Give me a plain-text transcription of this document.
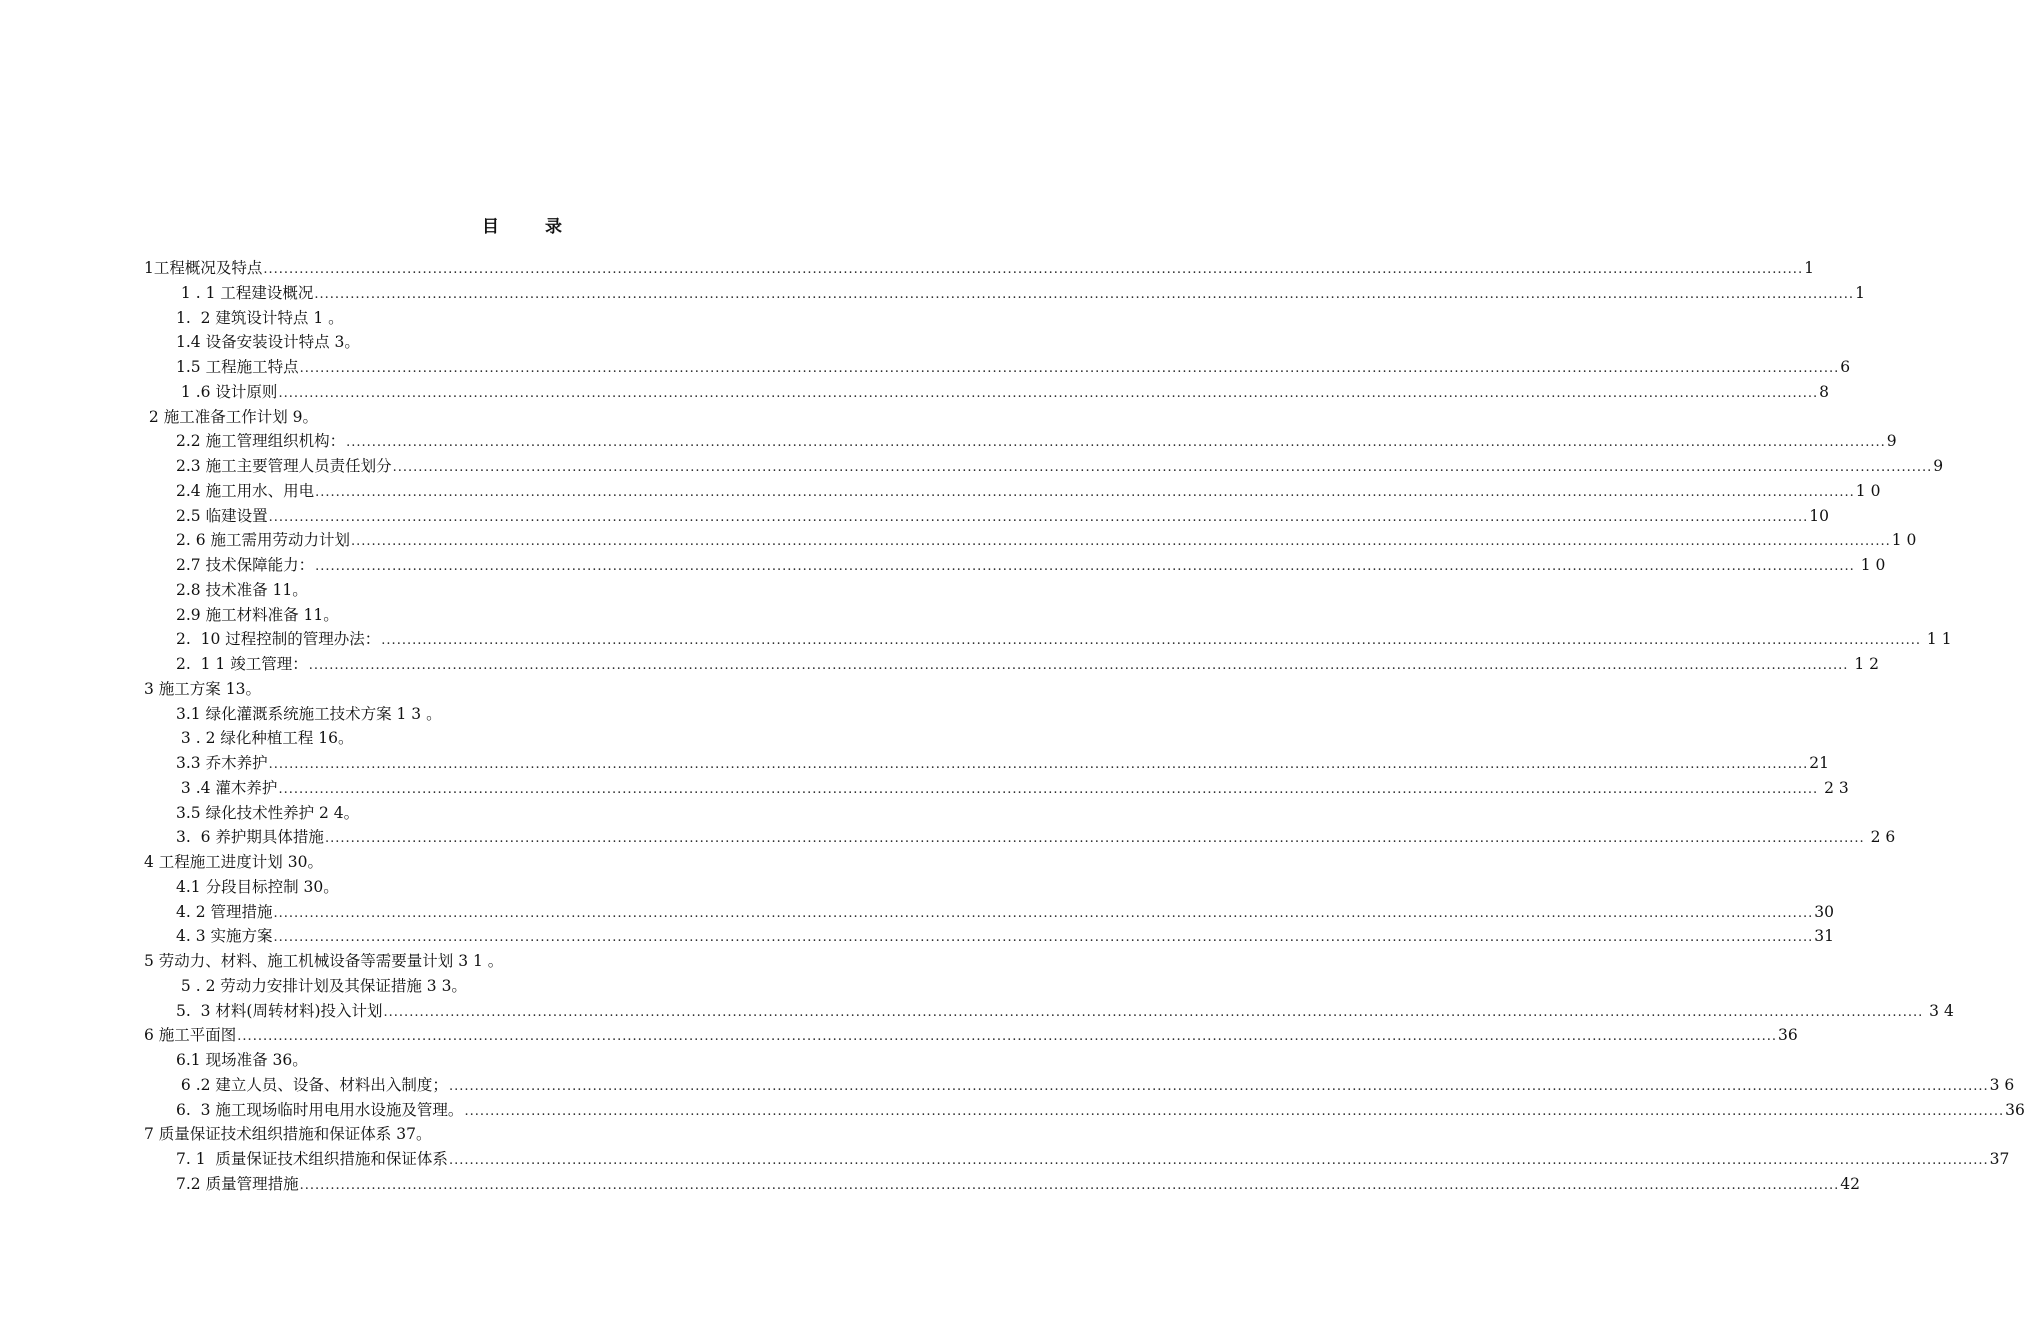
目 录
1工程概况及特点 ............................................................................................................................................................................................................................................................................................................ 1
1 . 1 工程建设概况 ............................................................................................................................................................................................................................................................................................................ 1
1.  2 建筑设计特点 1 。
1.4 设备安装设计特点 3。
1.5 工程施工特点 ............................................................................................................................................................................................................................................................................................................ 6
1 .6 设计原则 ............................................................................................................................................................................................................................................................................................................ 8
2 施工准备工作计划 9。
2.2 施工管理组织机构： ............................................................................................................................................................................................................................................................................................................ 9
2.3 施工主要管理人员责任划分 ............................................................................................................................................................................................................................................................................................................ 9
2.4 施工用水、用电 ............................................................................................................................................................................................................................................................................................................ 1 0
2.5 临建设置 ............................................................................................................................................................................................................................................................................................................ 10
2. 6 施工需用劳动力计划 ............................................................................................................................................................................................................................................................................................................ 1 0
2.7 技术保障能力： ............................................................................................................................................................................................................................................................................................................ 1 0
2.8 技术准备 11。
2.9 施工材料准备 11。
2.  10 过程控制的管理办法： ............................................................................................................................................................................................................................................................................................................ 1 1
2.  1 1 竣工管理： ............................................................................................................................................................................................................................................................................................................ 1 2
3 施工方案 13。
3.1 绿化灌溉系统施工技术方案 1 3 。
3 . 2 绿化种植工程 16。
3.3 乔木养护 ............................................................................................................................................................................................................................................................................................................ 21
3 .4 灌木养护 ............................................................................................................................................................................................................................................................................................................ 2 3
3.5 绿化技术性养护 2 4。
3.  6 养护期具体措施 ............................................................................................................................................................................................................................................................................................................ 2 6
4 工程施工进度计划 30。
4.1 分段目标控制 30。
4. 2 管理措施 ............................................................................................................................................................................................................................................................................................................ 30
4. 3 实施方案 ............................................................................................................................................................................................................................................................................................................ 31
5 劳动力、材料、施工机械设备等需要量计划 3 1 。
5 . 2 劳动力安排计划及其保证措施 3 3。
5.  3 材料(周转材料)投入计划 ............................................................................................................................................................................................................................................................................................................ 3 4
6 施工平面图 ............................................................................................................................................................................................................................................................................................................ 36
6.1 现场准备 36。
6 .2 建立人员、设备、材料出入制度； ............................................................................................................................................................................................................................................................................................................ 3 6
6.  3 施工现场临时用电用水设施及管理。 ............................................................................................................................................................................................................................................................................................................ 36
7 质量保证技术组织措施和保证体系 37。
7. 1  质量保证技术组织措施和保证体系 ............................................................................................................................................................................................................................................................................................................ 37
7.2 质量管理措施 ............................................................................................................................................................................................................................................................................................................ 42
